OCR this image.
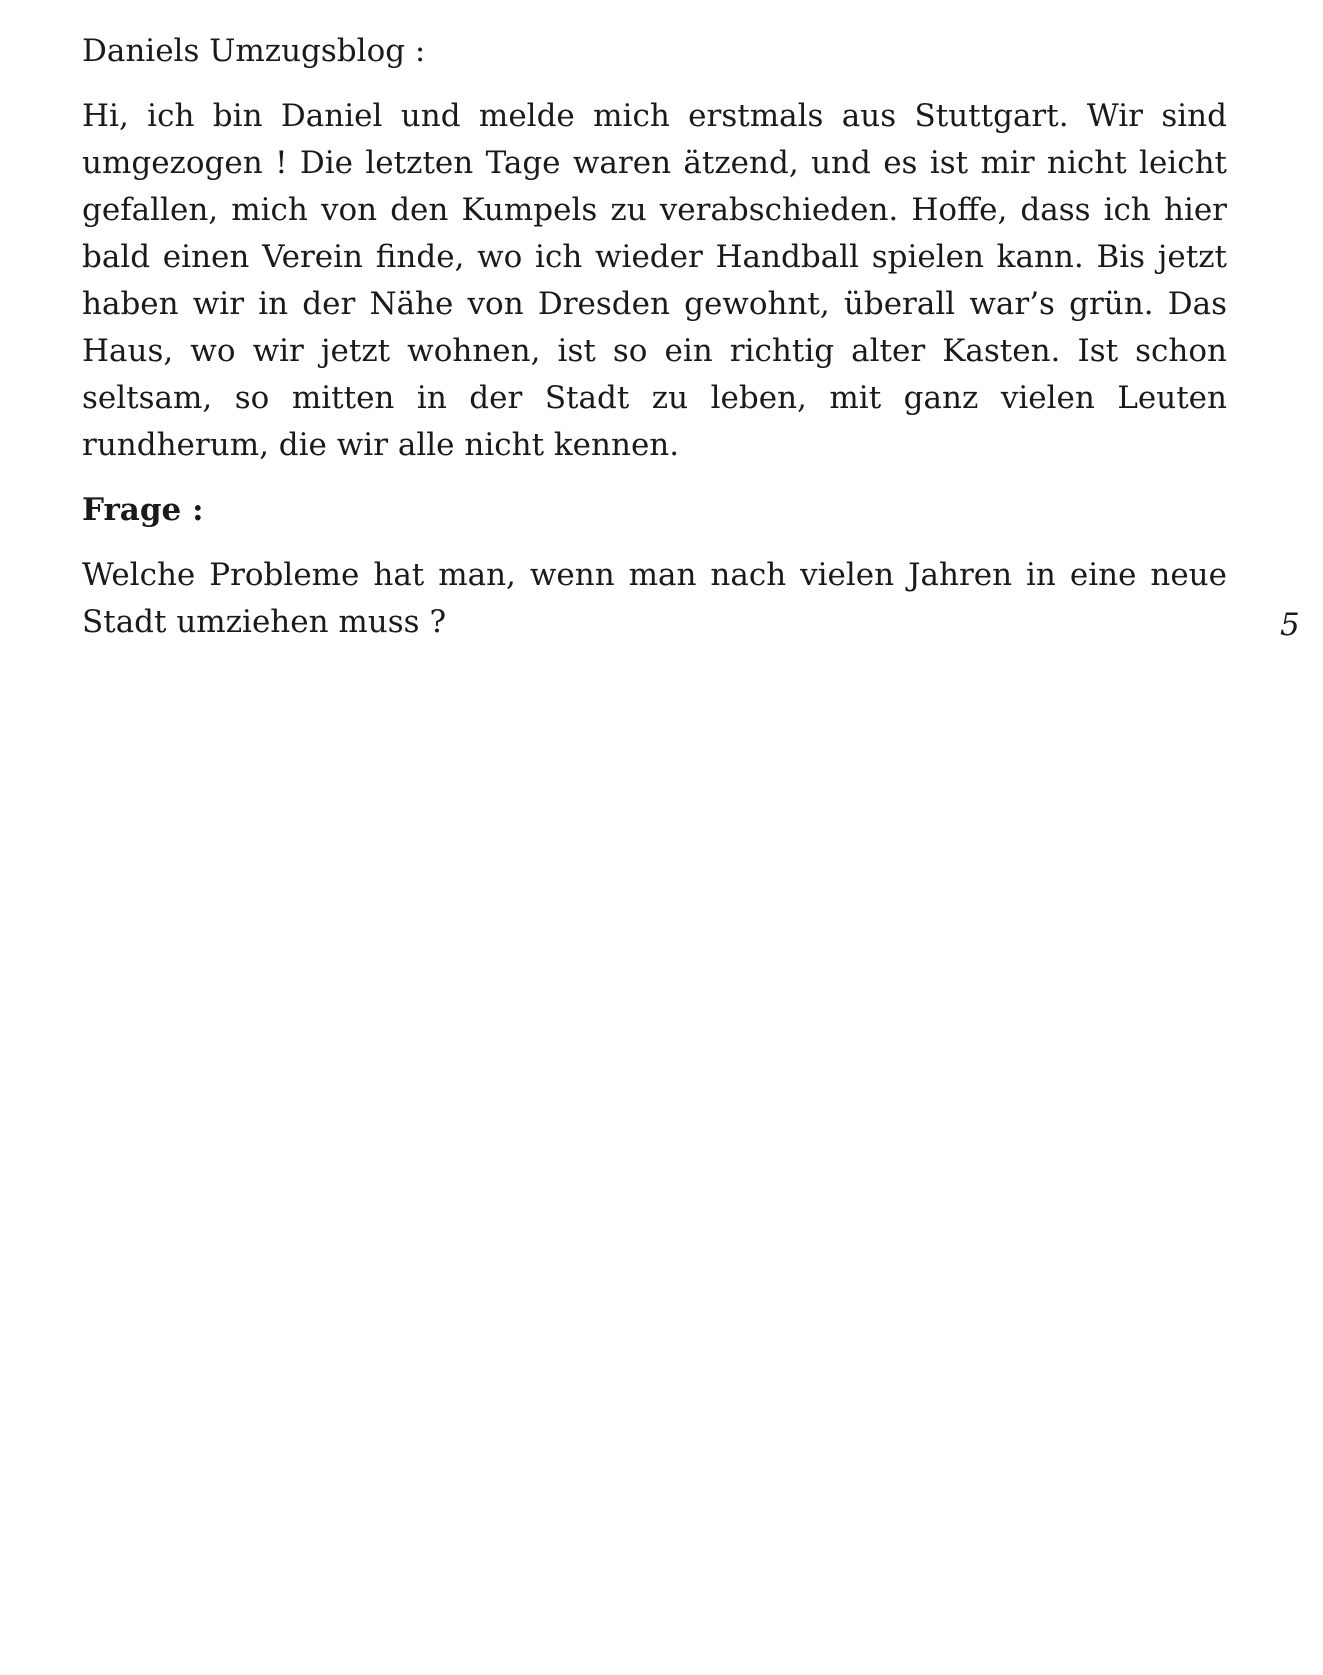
Daniels Umzugsblog :

Hi, ich bin Daniel und melde mich erstmals aus Stuttgart. Wir sind umgezogen ! Die letzten Tage waren ätzend, und es ist mir nicht leicht gefallen, mich von den Kumpels zu verabschieden. Hoffe, dass ich hier bald einen Verein finde, wo ich wieder Handball spielen kann. Bis jetzt haben wir in der Nähe von Dresden gewohnt, überall war’s grün. Das Haus, wo wir jetzt wohnen, ist so ein richtig alter Kasten. Ist schon seltsam, so mitten in der Stadt zu leben, mit ganz vielen Leuten rundherum, die wir alle nicht kennen.

Frage :

Welche Probleme hat man, wenn man nach vielen Jahren in eine neue Stadt umziehen muss ?	5
